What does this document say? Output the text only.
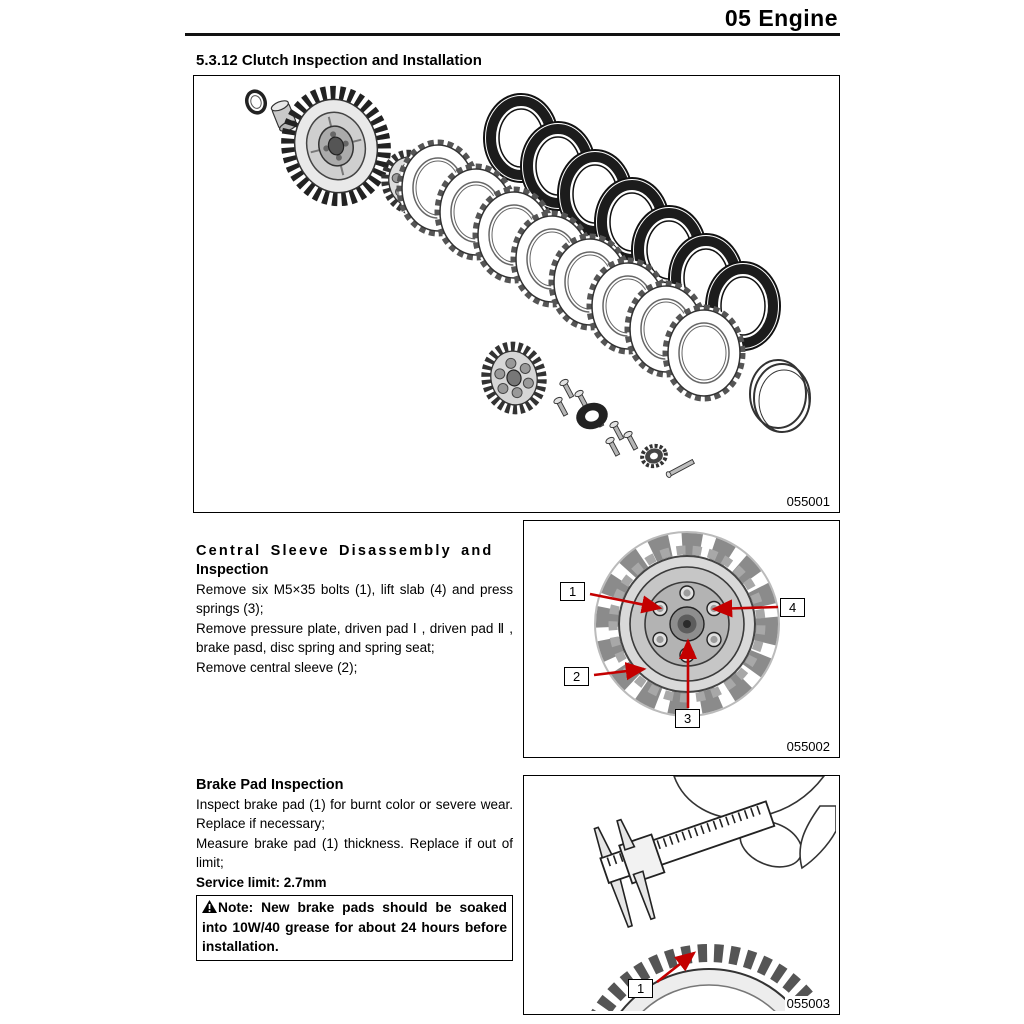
05 Engine
5.3.12 Clutch Inspection and Installation
055001
Central Sleeve Disassembly and
Inspection

Remove six M5×35 bolts (1), lift slab (4) and press springs (3);

Remove pressure plate, driven pad Ⅰ , driven pad Ⅱ , brake pasd, disc spring and spring seat;

Remove central sleeve (2);

1
4
2
3
055002
Brake Pad Inspection

Inspect brake pad (1) for burnt color or severe wear. Replace if necessary;

Measure brake pad (1) thickness. Replace if out of limit;

Service limit: 2.7mm

Note: New brake pads should be soaked into 10W/40 grease for about 24 hours before installation.
1
055003
